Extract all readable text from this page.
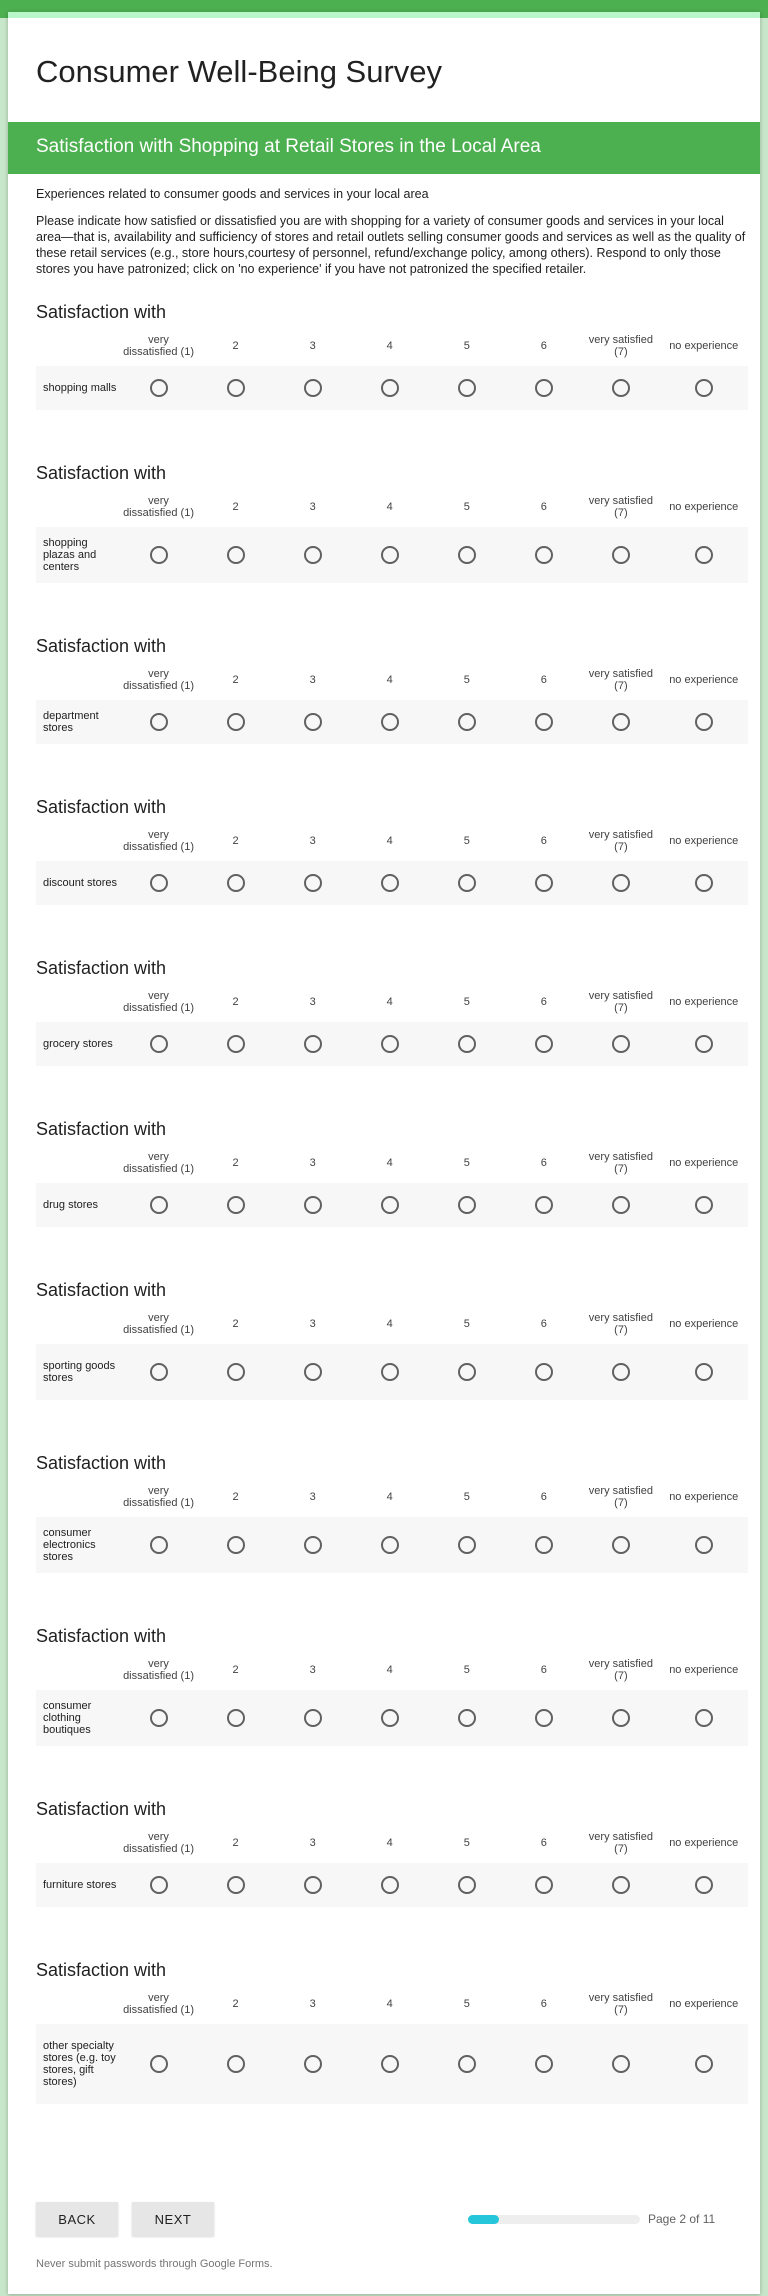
Consumer Well-Being Survey
Satisfaction with Shopping at Retail Stores in the Local Area
Experiences related to consumer goods and services in your local area
Please indicate how satisfied or dissatisfied you are with shopping for a variety of consumer goods and services in your local area—that is, availability and sufficiency of stores and retail outlets selling consumer goods and services as well as the quality of these retail services (e.g., store hours,courtesy of personnel, refund/exchange policy, among others). Respond to only those stores you have patronized; click on 'no experience' if you have not patronized the specified retailer.
Satisfaction with
very dissatisfied (1)	2	3	4	5	6	very satisfied (7)	no experience
shopping malls
Satisfaction with
very dissatisfied (1)	2	3	4	5	6	very satisfied (7)	no experience
shopping plazas and centers
Satisfaction with
very dissatisfied (1)	2	3	4	5	6	very satisfied (7)	no experience
department stores
Satisfaction with
very dissatisfied (1)	2	3	4	5	6	very satisfied (7)	no experience
discount stores
Satisfaction with
very dissatisfied (1)	2	3	4	5	6	very satisfied (7)	no experience
grocery stores
Satisfaction with
very dissatisfied (1)	2	3	4	5	6	very satisfied (7)	no experience
drug stores
Satisfaction with
very dissatisfied (1)	2	3	4	5	6	very satisfied (7)	no experience
sporting goods stores
Satisfaction with
very dissatisfied (1)	2	3	4	5	6	very satisfied (7)	no experience
consumer electronics stores
Satisfaction with
very dissatisfied (1)	2	3	4	5	6	very satisfied (7)	no experience
consumer clothing boutiques
Satisfaction with
very dissatisfied (1)	2	3	4	5	6	very satisfied (7)	no experience
furniture stores
Satisfaction with
very dissatisfied (1)	2	3	4	5	6	very satisfied (7)	no experience
other specialty stores (e.g. toy stores, gift stores)
BACK	NEXT	Page 2 of 11
Never submit passwords through Google Forms.
